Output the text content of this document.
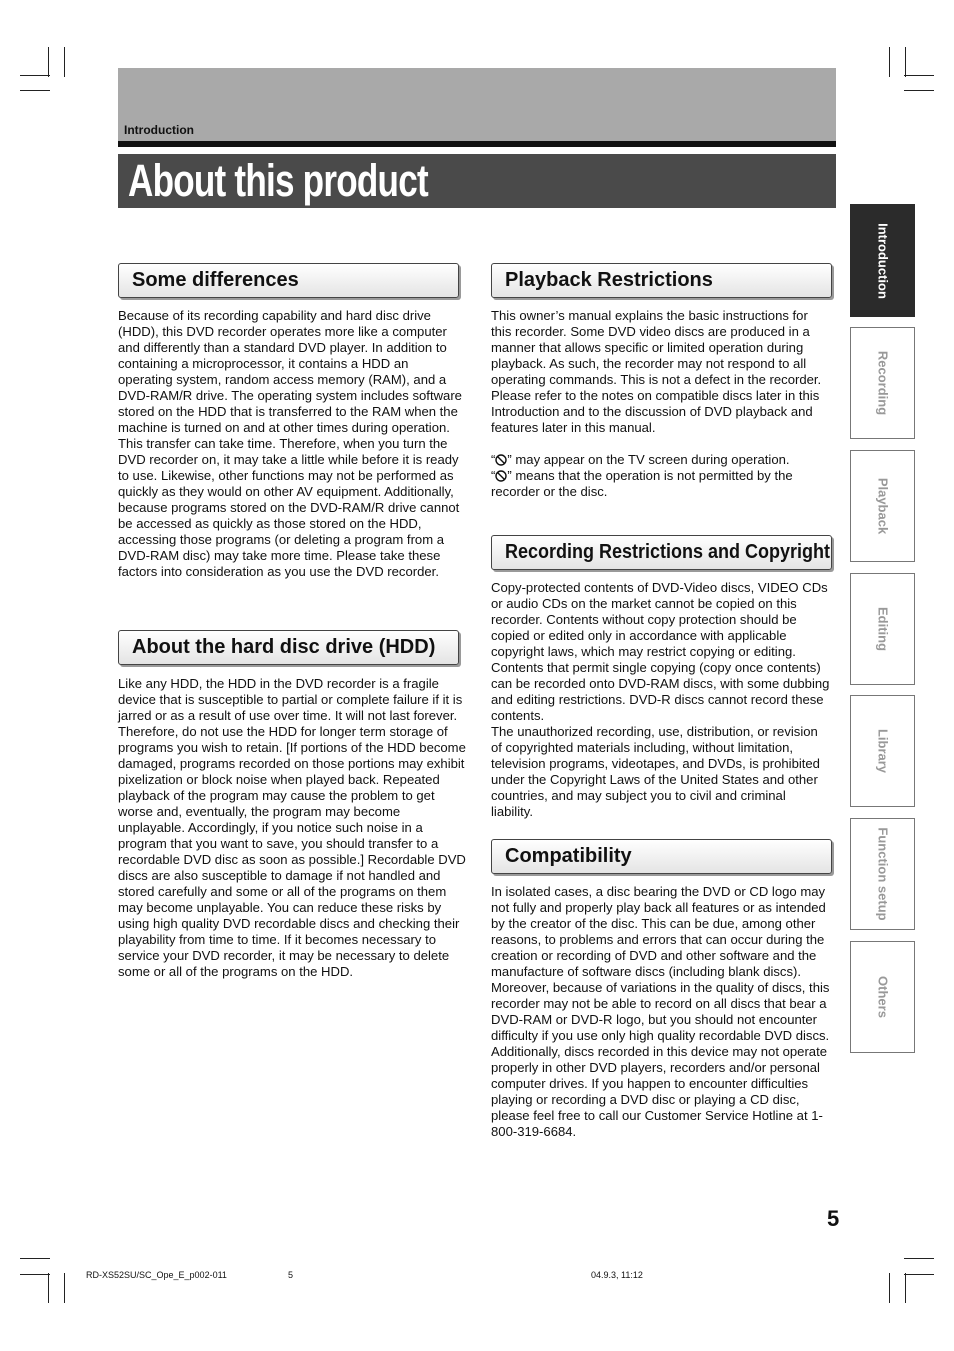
Introduction
About this product
Some differences

Because of its recording capability and hard disc drive (HDD), this DVD recorder operates more like a computer and differently than a standard DVD player. In addition to containing a microprocessor, it contains a HDD an operating system, random access memory (RAM), and a DVD-RAM/R drive. The operating system includes software stored on the HDD that is transferred to the RAM when the machine is turned on and at other times during operation. This transfer can take time. Therefore, when you turn the DVD recorder on, it may take a little while before it is ready to use. Likewise, other functions may not be performed as quickly as they would on other AV equipment. Additionally, because programs stored on the DVD-RAM/R drive cannot be accessed as quickly as those stored on the HDD, accessing those programs (or deleting a program from a DVD-RAM disc) may take more time. Please take these factors into consideration as you use the DVD recorder.

About the hard disc drive (HDD)

Like any HDD, the HDD in the DVD recorder is a fragile device that is susceptible to partial or complete failure if it is jarred or as a result of use over time. It will not last forever. Therefore, do not use the HDD for longer term storage of programs you wish to retain. [If portions of the HDD become damaged, programs recorded on those portions may exhibit pixelization or block noise when played back. Repeated playback of the program may cause the problem to get worse and, eventually, the program may become unplayable. Accordingly, if you notice such noise in a program that you want to save, you should transfer to a recordable DVD disc as soon as possible.] Recordable DVD discs are also susceptible to damage if not handled and stored carefully and some or all of the programs on them may become unplayable. You can reduce these risks by using high quality DVD recordable discs and checking their playability from time to time. If it becomes necessary to service your DVD recorder, it may be necessary to delete some or all of the programs on the HDD.

Playback Restrictions

This owner’s manual explains the basic instructions for this recorder. Some DVD video discs are produced in a manner that allows specific or limited operation during playback. As such, the recorder may not respond to all operating commands. This is not a defect in the recorder. Please refer to the notes on compatible discs later in this Introduction and to the discussion of DVD playback and features later in this manual.

“ ” may appear on the TV screen during operation.

“ ” means that the operation is not permitted by the recorder or the disc.

Recording Restrictions and Copyright

Copy-protected contents of DVD-Video discs, VIDEO CDs or audio CDs on the market cannot be copied on this recorder. Contents without copy protection should be copied or edited only in accordance with applicable copyright laws, which may restrict copying or editing. Contents that permit single copying (copy once contents) can be recorded onto DVD-RAM discs, with some dubbing and editing restrictions. DVD-R discs cannot record these contents.

The unauthorized recording, use, distribution, or revision of copyrighted materials including, without limitation, television programs, videotapes, and DVDs, is prohibited under the Copyright Laws of the United States and other countries, and may subject you to civil and criminal liability.

Compatibility

In isolated cases, a disc bearing the DVD or CD logo may not fully and properly play back all features or as intended by the creator of the disc. This can be due, among other reasons, to problems and errors that can occur during the creation or recording of DVD and other software and the manufacture of software discs (including blank discs). Moreover, because of variations in the quality of discs, this recorder may not be able to record on all discs that bear a DVD-RAM or DVD-R logo, but you should not encounter difficulty if you use only high quality recordable DVD discs. Additionally, discs recorded in this device may not operate properly in other DVD players, recorders and/or personal computer drives. If you happen to encounter difficulties playing or recording a DVD disc or playing a CD disc, please feel free to call our Customer Service Hotline at 1-800-319-6684.

Introduction
Recording
Playback
Editing
Library
Function setup
Others
5
RD-XS52SU/SC_Ope_E_p002-011	5	04.9.3, 11:12
